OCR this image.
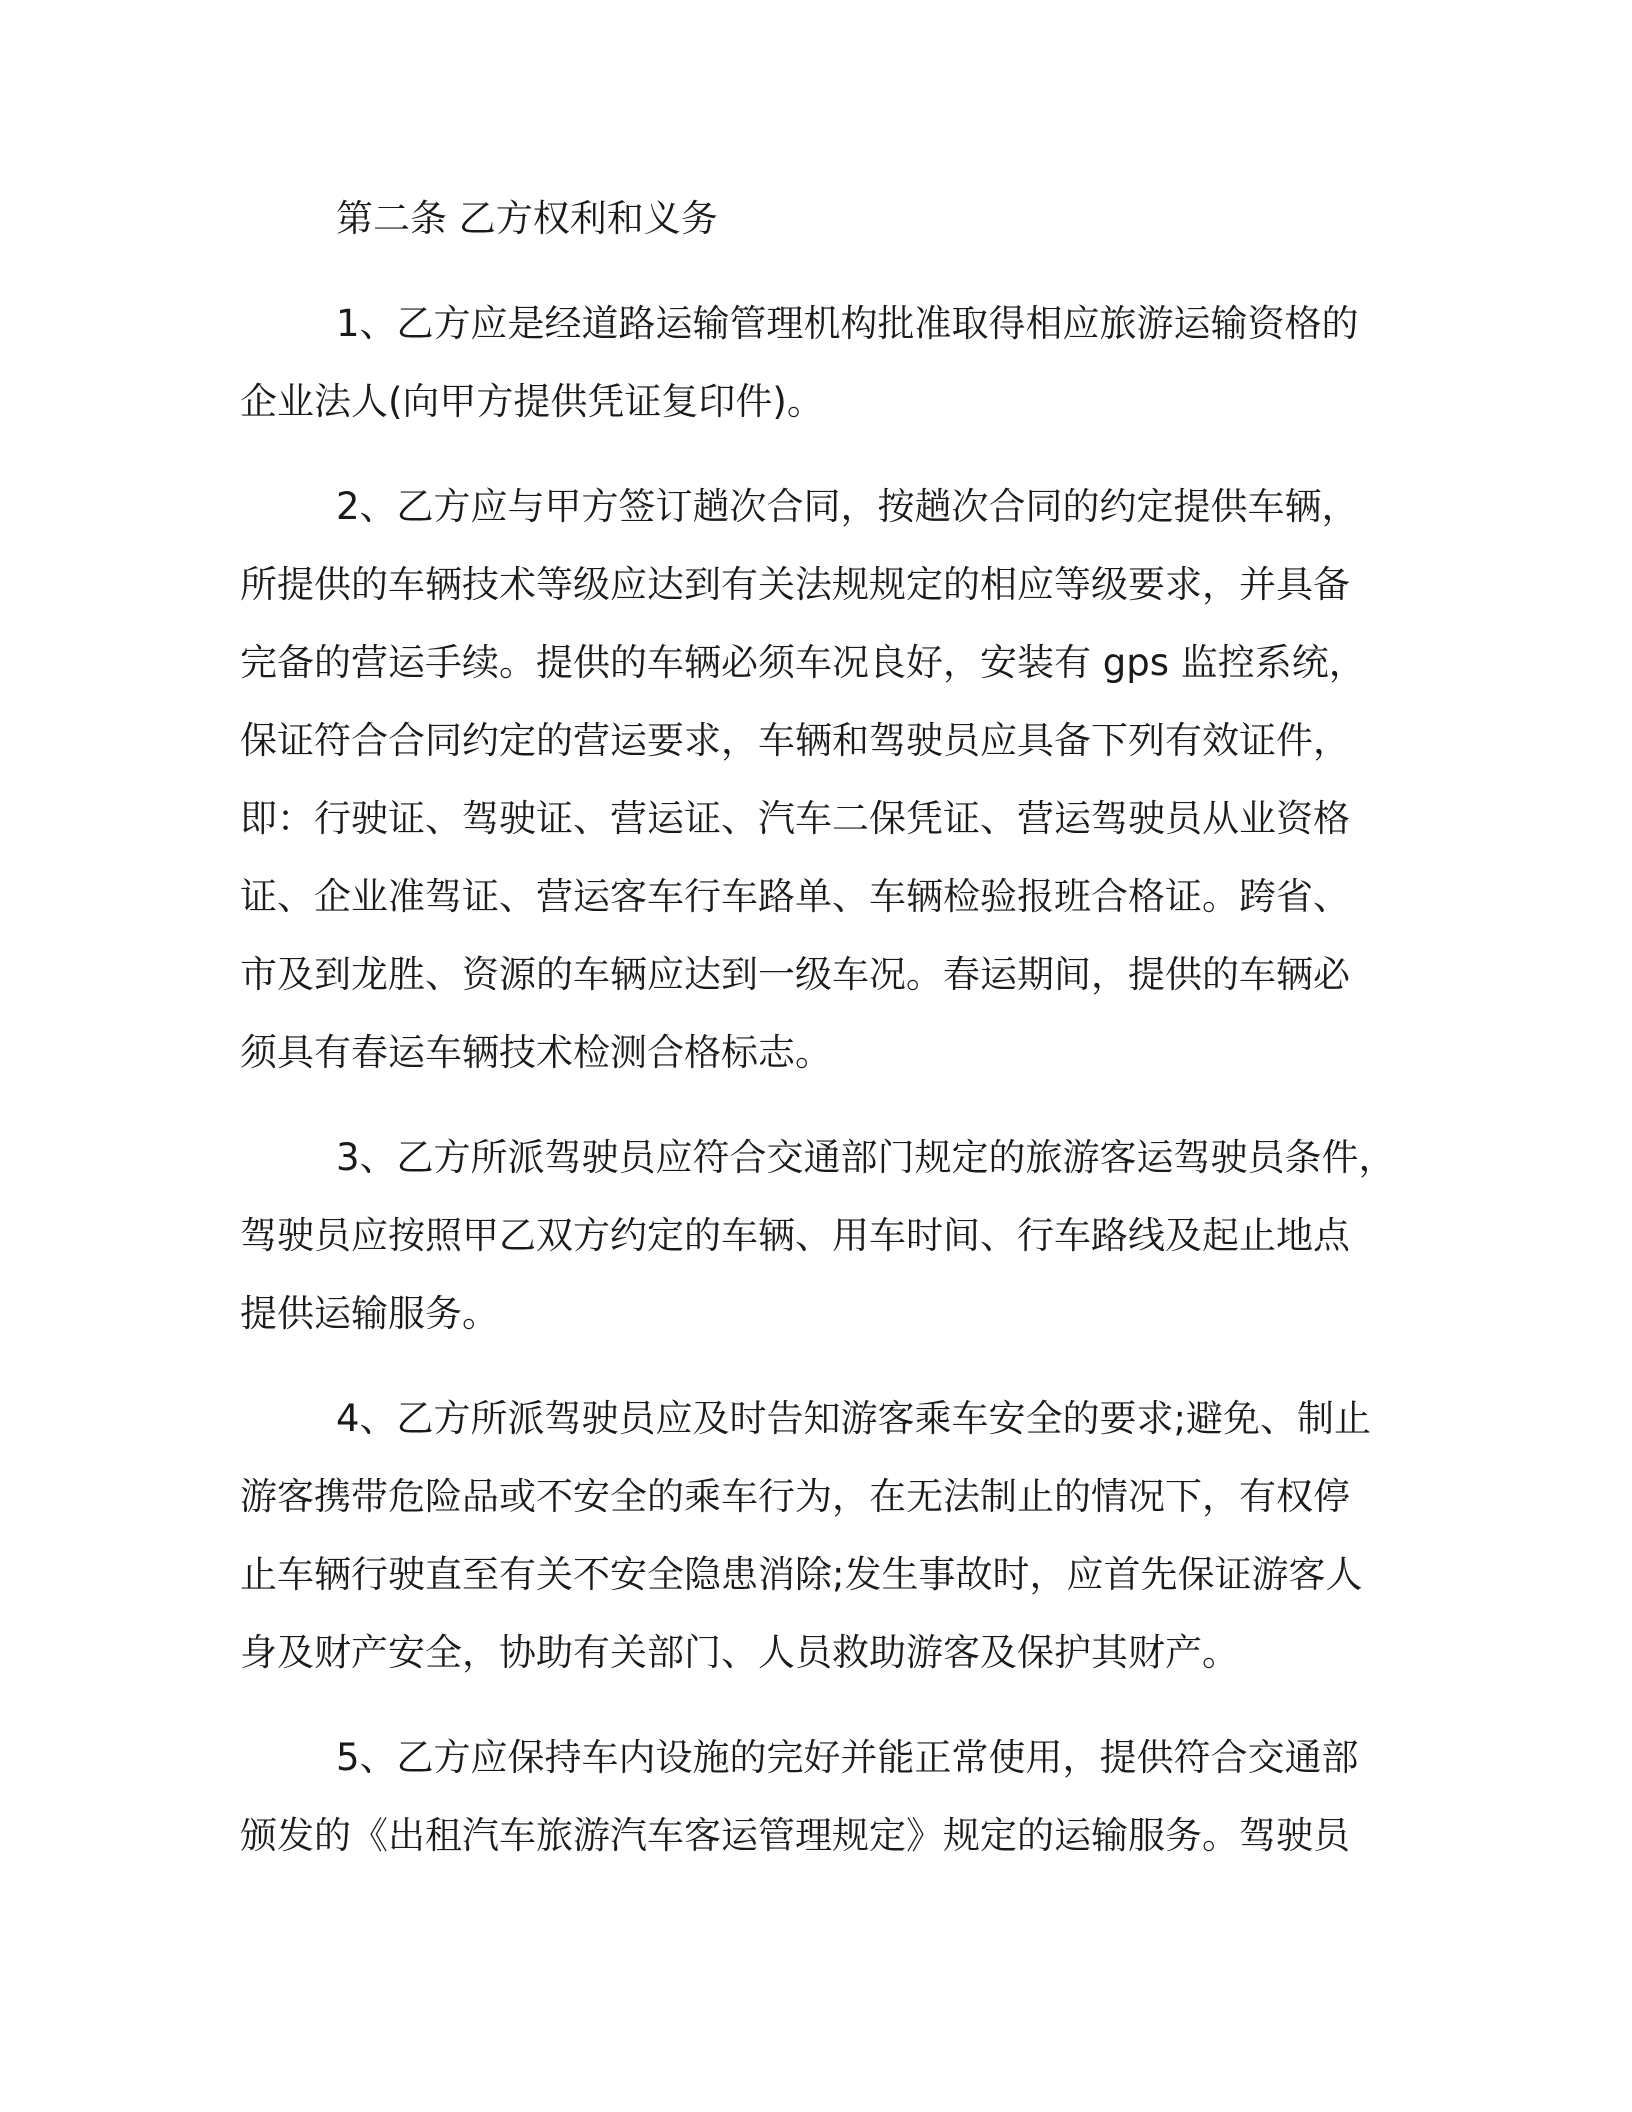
第二条 乙方权利和义务
1、乙方应是经道路运输管理机构批准取得相应旅游运输资格的
企业法人(向甲方提供凭证复印件)。
2、乙方应与甲方签订趟次合同，按趟次合同的约定提供车辆，
所提供的车辆技术等级应达到有关法规规定的相应等级要求，并具备
完备的营运手续。提供的车辆必须车况良好，安装有 gps 监控系统，
保证符合合同约定的营运要求，车辆和驾驶员应具备下列有效证件，
即：行驶证、驾驶证、营运证、汽车二保凭证、营运驾驶员从业资格
证、企业准驾证、营运客车行车路单、车辆检验报班合格证。跨省、
市及到龙胜、资源的车辆应达到一级车况。春运期间，提供的车辆必
须具有春运车辆技术检测合格标志。
3、乙方所派驾驶员应符合交通部门规定的旅游客运驾驶员条件，
驾驶员应按照甲乙双方约定的车辆、用车时间、行车路线及起止地点
提供运输服务。
4、乙方所派驾驶员应及时告知游客乘车安全的要求;避免、制止
游客携带危险品或不安全的乘车行为，在无法制止的情况下，有权停
止车辆行驶直至有关不安全隐患消除;发生事故时，应首先保证游客人
身及财产安全，协助有关部门、人员救助游客及保护其财产。
5、乙方应保持车内设施的完好并能正常使用，提供符合交通部
颁发的《出租汽车旅游汽车客运管理规定》规定的运输服务。驾驶员
